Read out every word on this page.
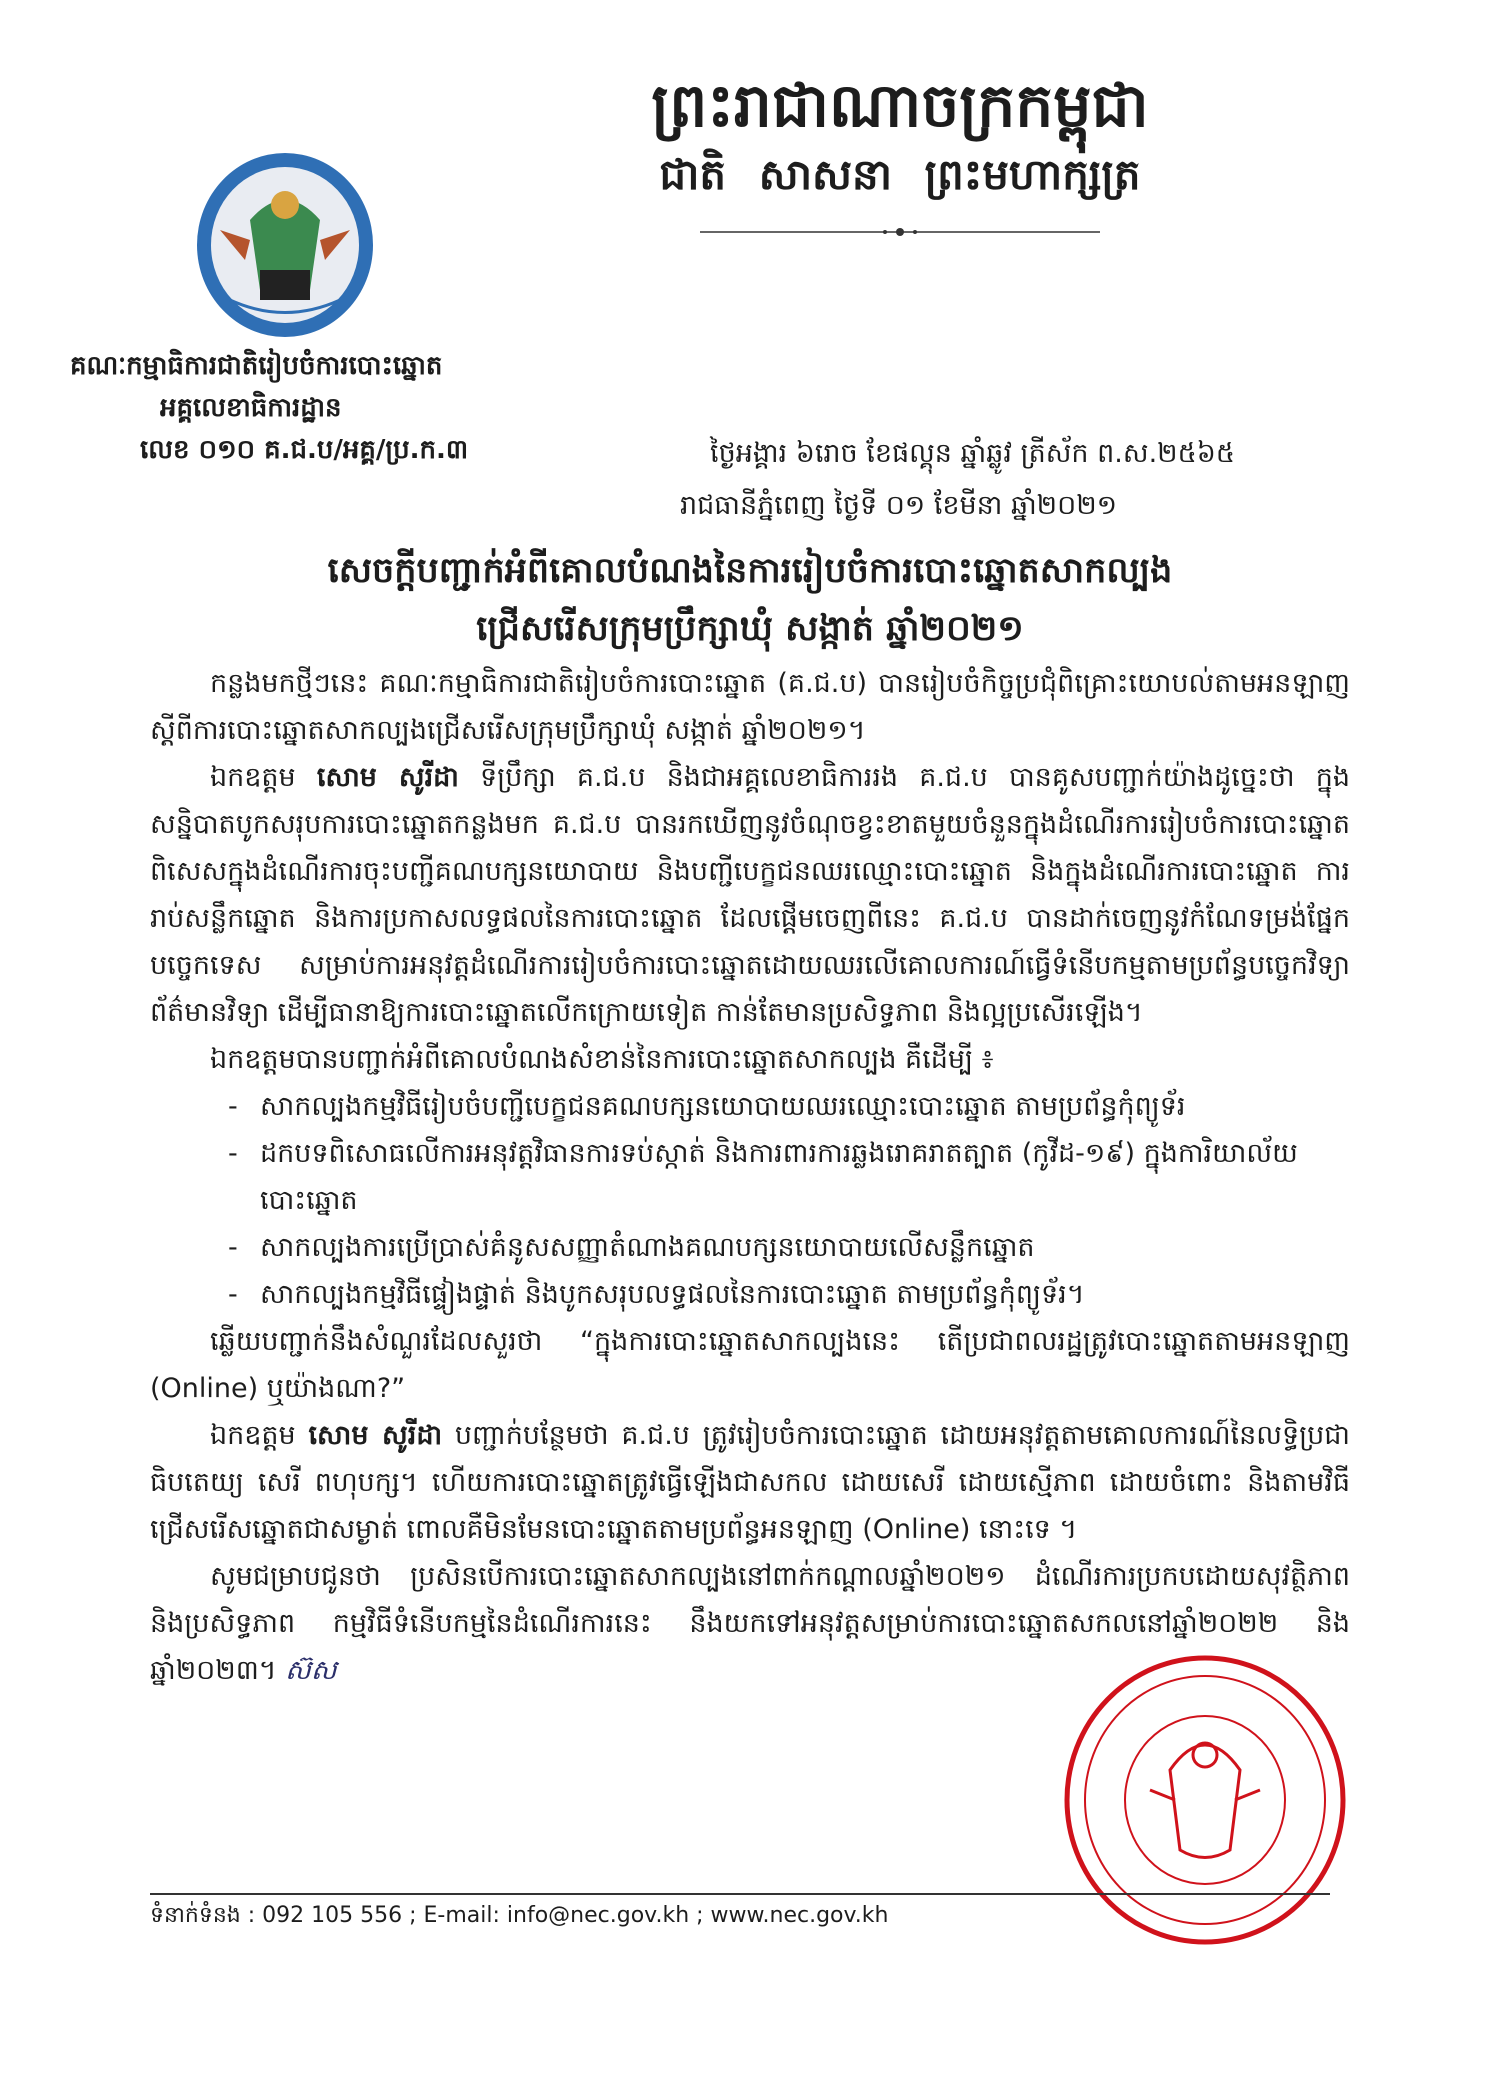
ព្រះរាជាណាចក្រកម្ពុជា
ជាតិ សាសនា ព្រះមហាក្សត្រ
គណៈកម្មាធិការជាតិរៀបចំការបោះឆ្នោត
អគ្គលេខាធិការដ្ឋាន
លេខ ០១០ គ.ជ.ប/អគ្គ/ប្រ.ក.៣	ថ្ងៃអង្គារ ៦រោច ខែផល្គុន ឆ្នាំឆ្លូវ ត្រីស័ក ព.ស.២៥៦៥
រាជធានីភ្នំពេញ ថ្ងៃទី ០១ ខែមីនា ឆ្នាំ២០២១
សេចក្តីបញ្ជាក់អំពីគោលបំណងនៃការរៀបចំការបោះឆ្នោតសាកល្បង
ជ្រើសរើសក្រុមប្រឹក្សាឃុំ សង្កាត់ ឆ្នាំ២០២១

កន្លងមកថ្មីៗនេះ គណៈកម្មាធិការជាតិរៀបចំការបោះឆ្នោត (គ.ជ.ប) បានរៀបចំកិច្ចប្រជុំពិគ្រោះយោបល់តាមអនឡាញ ស្តីពីការបោះឆ្នោតសាកល្បងជ្រើសរើសក្រុមប្រឹក្សាឃុំ សង្កាត់ ឆ្នាំ២០២១។

ឯកឧត្តម សោម សូរីដា ទីប្រឹក្សា គ.ជ.ប និងជាអគ្គលេខាធិការរង គ.ជ.ប បានគូសបញ្ជាក់យ៉ាងដូច្នេះថា ក្នុងសន្និបាតបូកសរុបការបោះឆ្នោតកន្លងមក គ.ជ.ប បានរកឃើញនូវចំណុចខ្វះខាតមួយចំនួនក្នុងដំណើរការរៀបចំការបោះឆ្នោត ពិសេសក្នុងដំណើរការចុះបញ្ជីគណបក្សនយោបាយ និងបញ្ជីបេក្ខជនឈរឈ្មោះបោះឆ្នោត និងក្នុងដំណើរការបោះឆ្នោត ការរាប់សន្លឹកឆ្នោត និងការប្រកាសលទ្ធផលនៃការបោះឆ្នោត ដែលផ្តើមចេញពីនេះ គ.ជ.ប បានដាក់ចេញនូវកំណែទម្រង់ផ្នែកបច្ចេកទេស សម្រាប់ការអនុវត្តដំណើរការរៀបចំការបោះឆ្នោតដោយឈរលើគោលការណ៍ធ្វើទំនើបកម្មតាមប្រព័ន្ធបច្ចេកវិទ្យាព័ត៌មានវិទ្យា ដើម្បីធានាឱ្យការបោះឆ្នោតលើកក្រោយទៀត កាន់តែមានប្រសិទ្ធភាព និងល្អប្រសើរឡើង។

ឯកឧត្តមបានបញ្ជាក់អំពីគោលបំណងសំខាន់នៃការបោះឆ្នោតសាកល្បង គឺដើម្បី ៖

- សាកល្បងកម្មវិធីរៀបចំបញ្ជីបេក្ខជនគណបក្សនយោបាយឈរឈ្មោះបោះឆ្នោត តាមប្រព័ន្ធកុំព្យូទ័រ
- ដកបទពិសោធលើការអនុវត្តវិធានការទប់ស្កាត់ និងការពារការឆ្លងរោគរាតត្បាត (កូវីដ-១៩) ក្នុងការិយាល័យបោះឆ្នោត
- សាកល្បងការប្រើប្រាស់គំនូសសញ្ញាតំណាងគណបក្សនយោបាយលើសន្លឹកឆ្នោត
- សាកល្បងកម្មវិធីផ្ទៀងផ្ទាត់ និងបូកសរុបលទ្ធផលនៃការបោះឆ្នោត តាមប្រព័ន្ធកុំព្យូទ័រ។

ឆ្លើយបញ្ជាក់នឹងសំណួរដែលសួរថា “ក្នុងការបោះឆ្នោតសាកល្បងនេះ តើប្រជាពលរដ្ឋត្រូវបោះឆ្នោតតាមអនឡាញ (Online) ឬយ៉ាងណា?”

ឯកឧត្តម សោម សូរីដា បញ្ជាក់បន្ថែមថា គ.ជ.ប ត្រូវរៀបចំការបោះឆ្នោត ដោយអនុវត្តតាមគោលការណ៍នៃលទ្ធិប្រជាធិបតេយ្យ សេរី ពហុបក្ស។ ហើយការបោះឆ្នោតត្រូវធ្វើឡើងជាសកល ដោយសេរី ដោយស្មើភាព ដោយចំពោះ និងតាមវិធីជ្រើសរើសឆ្នោតជាសម្ងាត់ ពោលគឺមិនមែនបោះឆ្នោតតាមប្រព័ន្ធអនឡាញ (Online) នោះទេ ។

សូមជម្រាបជូនថា ប្រសិនបើការបោះឆ្នោតសាកល្បងនៅពាក់កណ្តាលឆ្នាំ២០២១ ដំណើរការប្រកបដោយសុវត្ថិភាព និងប្រសិទ្ធភាព កម្មវិធីទំនើបកម្មនៃដំណើរការនេះ នឹងយកទៅអនុវត្តសម្រាប់ការបោះឆ្នោតសកលនៅឆ្នាំ២០២២ និងឆ្នាំ២០២៣។ ស៊ស

ទំនាក់ទំនង : 092 105 556 ; E-mail: info@nec.gov.kh ; www.nec.gov.kh
